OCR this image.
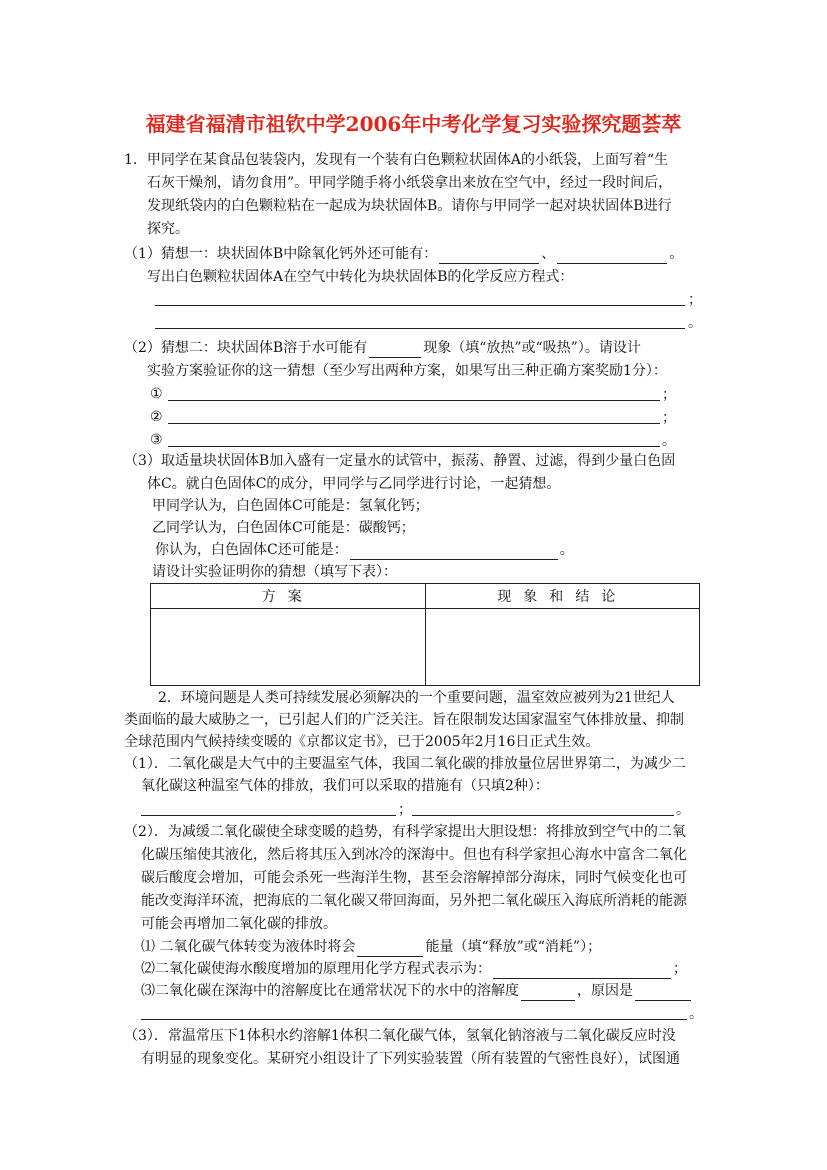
福建省福清市祖钦中学2006年中考化学复习实验探究题荟萃
1．甲同学在某食品包装袋内，发现有一个装有白色颗粒状固体A的小纸袋，上面写着“生
石灰干燥剂，请勿食用”。甲同学随手将小纸袋拿出来放在空气中，经过一段时间后，
发现纸袋内的白色颗粒粘在一起成为块状固体B。请你与甲同学一起对块状固体B进行
探究。
（1）猜想一：块状固体B中除氧化钙外还可能有：	、	。
写出白色颗粒状固体A在空气中转化为块状固体B的化学反应方程式：
；
。
（2）猜想二：块状固体B溶于水可能有	现象（填“放热”或“吸热”）。请设计
实验方案验证你的这一猜想（至少写出两种方案，如果写出三种正确方案奖励1分）：
①	；
②	；
③	。
（3）取适量块状固体B加入盛有一定量水的试管中，振荡、静置、过滤，得到少量白色固
体C。就白色固体C的成分，甲同学与乙同学进行讨论，一起猜想。
甲同学认为，白色固体C可能是：氢氧化钙；
乙同学认为，白色固体C可能是：碳酸钙；
你认为，白色固体C还可能是：	。
请设计实验证明你的猜想（填写下表）：
方案	现象和结论

2．环境问题是人类可持续发展必须解决的一个重要问题，温室效应被列为21世纪人
类面临的最大威胁之一，已引起人们的广泛关注。旨在限制发达国家温室气体排放量、抑制
全球范围内气候持续变暖的《京都议定书》，已于2005年2月16日正式生效。
（1）．二氧化碳是大气中的主要温室气体，我国二氧化碳的排放量位居世界第二，为减少二
氧化碳这种温室气体的排放，我们可以采取的措施有（只填2种）：
；	。
（2）．为减缓二氧化碳使全球变暖的趋势，有科学家提出大胆设想：将排放到空气中的二氧
化碳压缩使其液化，然后将其压入到冰冷的深海中。但也有科学家担心海水中富含二氧化
碳后酸度会增加，可能会杀死一些海洋生物，甚至会溶解掉部分海床，同时气候变化也可
能改变海洋环流，把海底的二氧化碳又带回海面，另外把二氧化碳压入海底所消耗的能源
可能会再增加二氧化碳的排放。
⑴ 二氧化碳气体转变为液体时将会	能量（填“释放”或“消耗”）；
⑵二氧化碳使海水酸度增加的原理用化学方程式表示为：	；
⑶二氧化碳在深海中的溶解度比在通常状况下的水中的溶解度	，原因是
。
（3）．常温常压下1体积水约溶解1体积二氧化碳气体，氢氧化钠溶液与二氧化碳反应时没
有明显的现象变化。某研究小组设计了下列实验装置（所有装置的气密性良好），试图通
